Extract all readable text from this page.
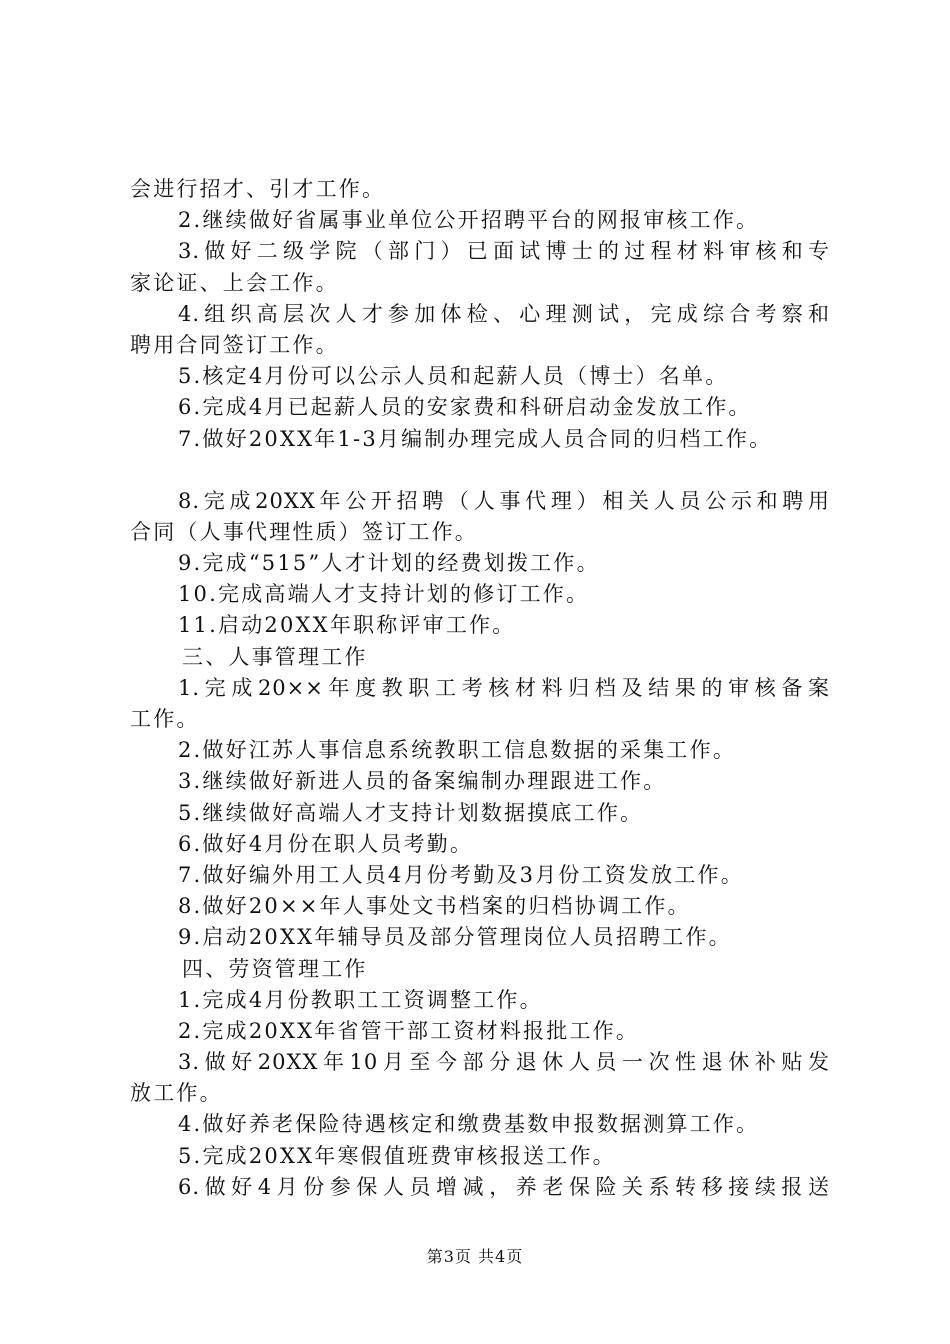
会进行招才、引才工作。
2.继续做好省属事业单位公开招聘平台的网报审核工作。
3.做好二级学院（部门）已面试博士的过程材料审核和专
家论证、上会工作。
4.组织高层次人才参加体检、心理测试，完成综合考察和
聘用合同签订工作。
5.核定4月份可以公示人员和起薪人员（博士）名单。
6.完成4月已起薪人员的安家费和科研启动金发放工作。
7.做好20XX年1-3月编制办理完成人员合同的归档工作。
8.完成20XX年公开招聘（人事代理）相关人员公示和聘用
合同（人事代理性质）签订工作。
9.完成“515”人才计划的经费划拨工作。
10.完成高端人才支持计划的修订工作。
11.启动20XX年职称评审工作。
三、人事管理工作
1.完成20××年度教职工考核材料归档及结果的审核备案
工作。
2.做好江苏人事信息系统教职工信息数据的采集工作。
3.继续做好新进人员的备案编制办理跟进工作。
5.继续做好高端人才支持计划数据摸底工作。
6.做好4月份在职人员考勤。
7.做好编外用工人员4月份考勤及3月份工资发放工作。
8.做好20××年人事处文书档案的归档协调工作。
9.启动20XX年辅导员及部分管理岗位人员招聘工作。
四、劳资管理工作
1.完成4月份教职工工资调整工作。
2.完成20XX年省管干部工资材料报批工作。
3.做好20XX年10月至今部分退休人员一次性退休补贴发
放工作。
4.做好养老保险待遇核定和缴费基数申报数据测算工作。
5.完成20XX年寒假值班费审核报送工作。
6.做好4月份参保人员增减，养老保险关系转移接续报送
第3页 共4页
